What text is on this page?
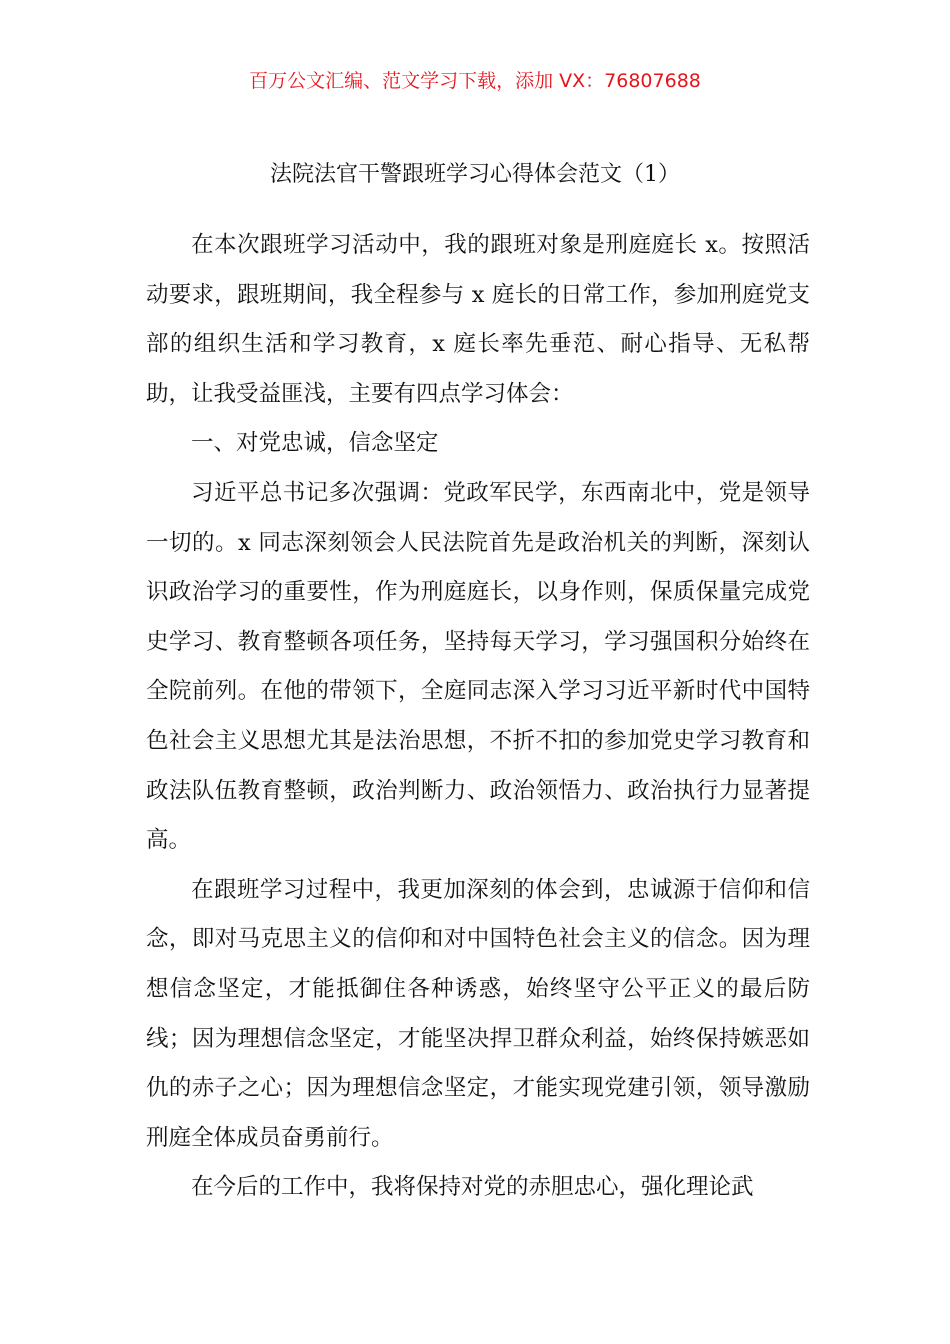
百万公文汇编、范文学习下载，添加 VX：76807688
法院法官干警跟班学习心得体会范文（1）

在本次跟班学习活动中，我的跟班对象是刑庭庭长 x。按照活动要求，跟班期间，我全程参与 x 庭长的日常工作，参加刑庭党支部的组织生活和学习教育，x 庭长率先垂范、耐心指导、无私帮助，让我受益匪浅，主要有四点学习体会：

一、对党忠诚，信念坚定

习近平总书记多次强调：党政军民学，东西南北中，党是领导一切的。x 同志深刻领会人民法院首先是政治机关的判断，深刻认识政治学习的重要性，作为刑庭庭长，以身作则，保质保量完成党史学习、教育整顿各项任务，坚持每天学习，学习强国积分始终在全院前列。在他的带领下，全庭同志深入学习习近平新时代中国特色社会主义思想尤其是法治思想，不折不扣的参加党史学习教育和政法队伍教育整顿，政治判断力、政治领悟力、政治执行力显著提高。

在跟班学习过程中，我更加深刻的体会到，忠诚源于信仰和信念，即对马克思主义的信仰和对中国特色社会主义的信念。因为理想信念坚定，才能抵御住各种诱惑，始终坚守公平正义的最后防线；因为理想信念坚定，才能坚决捍卫群众利益，始终保持嫉恶如仇的赤子之心；因为理想信念坚定，才能实现党建引领，领导激励刑庭全体成员奋勇前行。

在今后的工作中，我将保持对党的赤胆忠心，强化理论武
